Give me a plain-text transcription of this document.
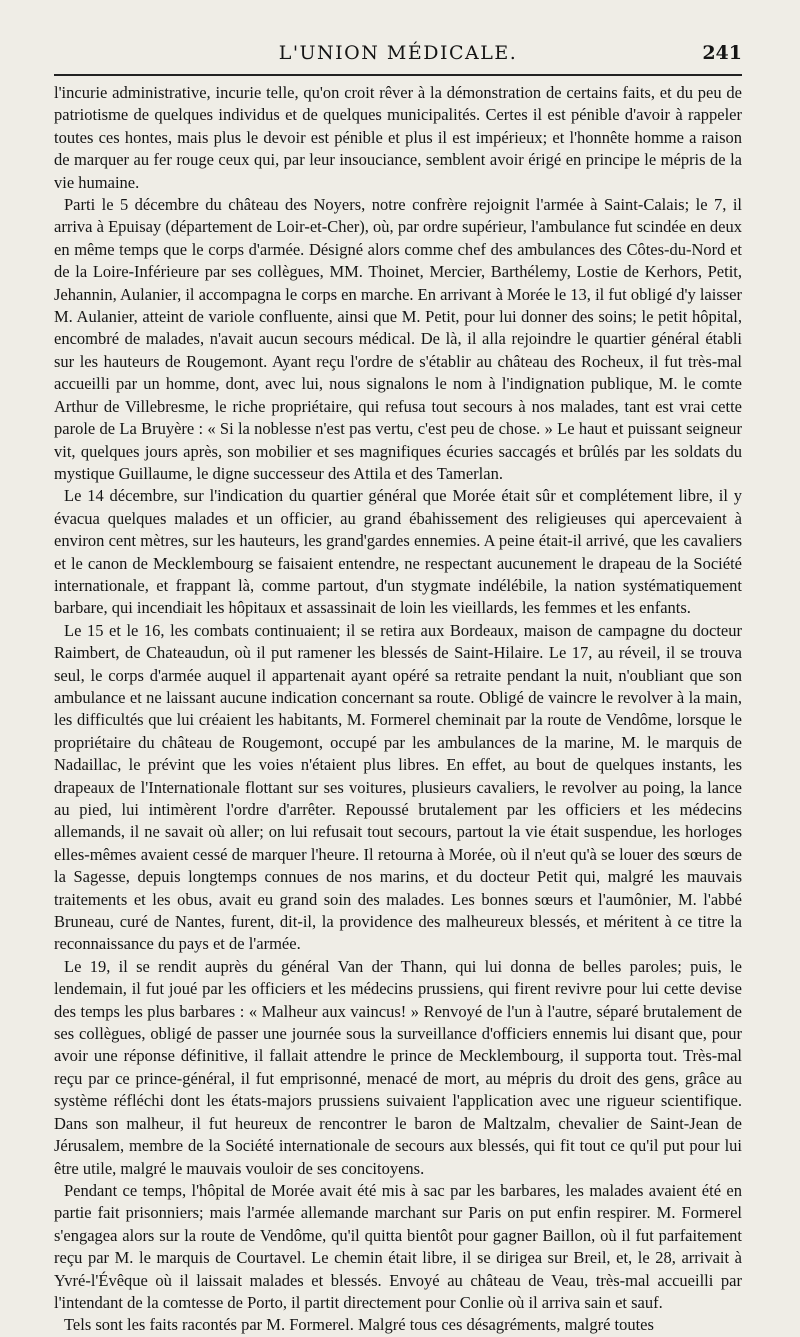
L'UNION MÉDICALE.	241

l'incurie administrative, incurie telle, qu'on croit rêver à la démonstration de certains faits, et du peu de patriotisme de quelques individus et de quelques municipalités. Certes il est pénible d'avoir à rappeler toutes ces hontes, mais plus le devoir est pénible et plus il est impérieux; et l'honnête homme a raison de marquer au fer rouge ceux qui, par leur insouciance, semblent avoir érigé en principe le mépris de la vie humaine.

Parti le 5 décembre du château des Noyers, notre confrère rejoignit l'armée à Saint-Calais; le 7, il arriva à Epuisay (département de Loir-et-Cher), où, par ordre supérieur, l'ambulance fut scindée en deux en même temps que le corps d'armée. Désigné alors comme chef des ambulances des Côtes-du-Nord et de la Loire-Inférieure par ses collègues, MM. Thoinet, Mercier, Barthélemy, Lostie de Kerhors, Petit, Jehannin, Aulanier, il accompagna le corps en marche. En arrivant à Morée le 13, il fut obligé d'y laisser M. Aulanier, atteint de variole confluente, ainsi que M. Petit, pour lui donner des soins; le petit hôpital, encombré de malades, n'avait aucun secours médical. De là, il alla rejoindre le quartier général établi sur les hauteurs de Rougemont. Ayant reçu l'ordre de s'établir au château des Rocheux, il fut très-mal accueilli par un homme, dont, avec lui, nous signalons le nom à l'indignation publique, M. le comte Arthur de Villebresme, le riche propriétaire, qui refusa tout secours à nos malades, tant est vrai cette parole de La Bruyère : « Si la noblesse n'est pas vertu, c'est peu de chose. » Le haut et puissant seigneur vit, quelques jours après, son mobilier et ses magnifiques écuries saccagés et brûlés par les soldats du mystique Guillaume, le digne successeur des Attila et des Tamerlan.

Le 14 décembre, sur l'indication du quartier général que Morée était sûr et complétement libre, il y évacua quelques malades et un officier, au grand ébahissement des religieuses qui apercevaient à environ cent mètres, sur les hauteurs, les grand'gardes ennemies. A peine était-il arrivé, que les cavaliers et le canon de Mecklembourg se faisaient entendre, ne respectant aucunement le drapeau de la Société internationale, et frappant là, comme partout, d'un stygmate indélébile, la nation systématiquement barbare, qui incendiait les hôpitaux et assassinait de loin les vieillards, les femmes et les enfants.

Le 15 et le 16, les combats continuaient; il se retira aux Bordeaux, maison de campagne du docteur Raimbert, de Chateaudun, où il put ramener les blessés de Saint-Hilaire. Le 17, au réveil, il se trouva seul, le corps d'armée auquel il appartenait ayant opéré sa retraite pendant la nuit, n'oubliant que son ambulance et ne laissant aucune indication concernant sa route. Obligé de vaincre le revolver à la main, les difficultés que lui créaient les habitants, M. Formerel cheminait par la route de Vendôme, lorsque le propriétaire du château de Rougemont, occupé par les ambulances de la marine, M. le marquis de Nadaillac, le prévint que les voies n'étaient plus libres. En effet, au bout de quelques instants, les drapeaux de l'Internationale flottant sur ses voitures, plusieurs cavaliers, le revolver au poing, la lance au pied, lui intimèrent l'ordre d'arrêter. Repoussé brutalement par les officiers et les médecins allemands, il ne savait où aller; on lui refusait tout secours, partout la vie était suspendue, les horloges elles-mêmes avaient cessé de marquer l'heure. Il retourna à Morée, où il n'eut qu'à se louer des sœurs de la Sagesse, depuis longtemps connues de nos marins, et du docteur Petit qui, malgré les mauvais traitements et les obus, avait eu grand soin des malades. Les bonnes sœurs et l'aumônier, M. l'abbé Bruneau, curé de Nantes, furent, dit-il, la providence des malheureux blessés, et méritent à ce titre la reconnaissance du pays et de l'armée.

Le 19, il se rendit auprès du général Van der Thann, qui lui donna de belles paroles; puis, le lendemain, il fut joué par les officiers et les médecins prussiens, qui firent revivre pour lui cette devise des temps les plus barbares : « Malheur aux vaincus! » Renvoyé de l'un à l'autre, séparé brutalement de ses collègues, obligé de passer une journée sous la surveillance d'officiers ennemis lui disant que, pour avoir une réponse définitive, il fallait attendre le prince de Mecklembourg, il supporta tout. Très-mal reçu par ce prince-général, il fut emprisonné, menacé de mort, au mépris du droit des gens, grâce au système réfléchi dont les états-majors prussiens suivaient l'application avec une rigueur scientifique. Dans son malheur, il fut heureux de rencontrer le baron de Maltzalm, chevalier de Saint-Jean de Jérusalem, membre de la Société internationale de secours aux blessés, qui fit tout ce qu'il put pour lui être utile, malgré le mauvais vouloir de ses concitoyens.

Pendant ce temps, l'hôpital de Morée avait été mis à sac par les barbares, les malades avaient été en partie fait prisonniers; mais l'armée allemande marchant sur Paris on put enfin respirer. M. Formerel s'engagea alors sur la route de Vendôme, qu'il quitta bientôt pour gagner Baillon, où il fut parfaitement reçu par M. le marquis de Courtavel. Le chemin était libre, il se dirigea sur Breil, et, le 28, arrivait à Yvré-l'Évêque où il laissait malades et blessés. Envoyé au château de Veau, très-mal accueilli par l'intendant de la comtesse de Porto, il partit directement pour Conlie où il arriva sain et sauf.

Tels sont les faits racontés par M. Formerel. Malgré tous ces désagréments, malgré toutes
